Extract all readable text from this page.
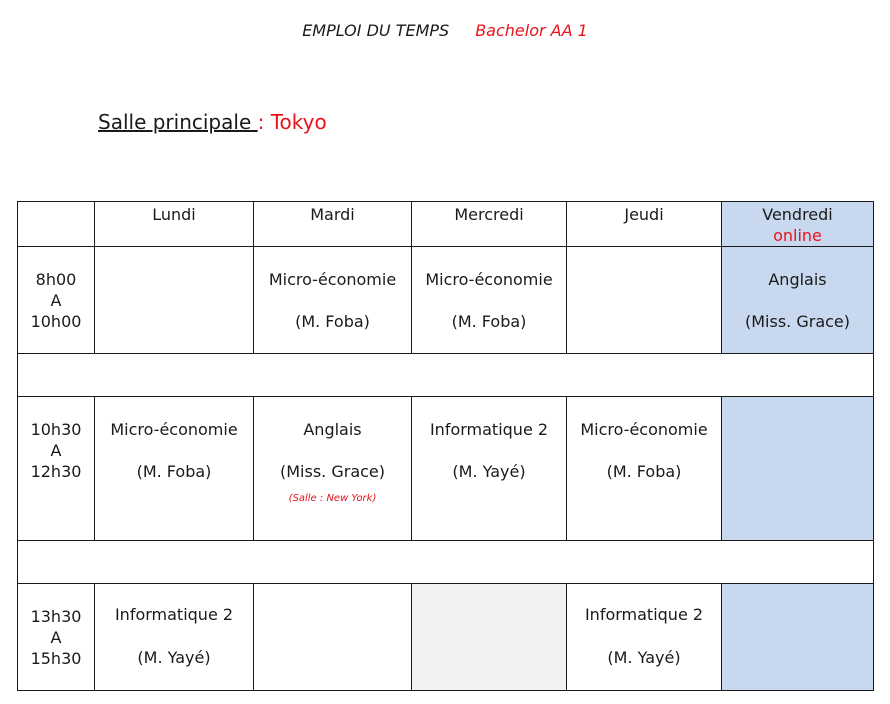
EMPLOI DU TEMPS Bachelor AA 1
Salle principale : Tokyo
	Lundi	Mardi	Mercredi	Jeudi	Vendredi
online
8h00
A
10h00		Micro-économie
(M. Foba)	Micro-économie
(M. Foba)		Anglais
(Miss. Grace)

10h30
A
12h30	Micro-économie
(M. Foba)	Anglais
(Miss. Grace)
(Salle : New York)	Informatique 2
(M. Yayé)	Micro-économie
(M. Foba)	

13h30
A
15h30	Informatique 2
(M. Yayé)			Informatique 2
(M. Yayé)	
